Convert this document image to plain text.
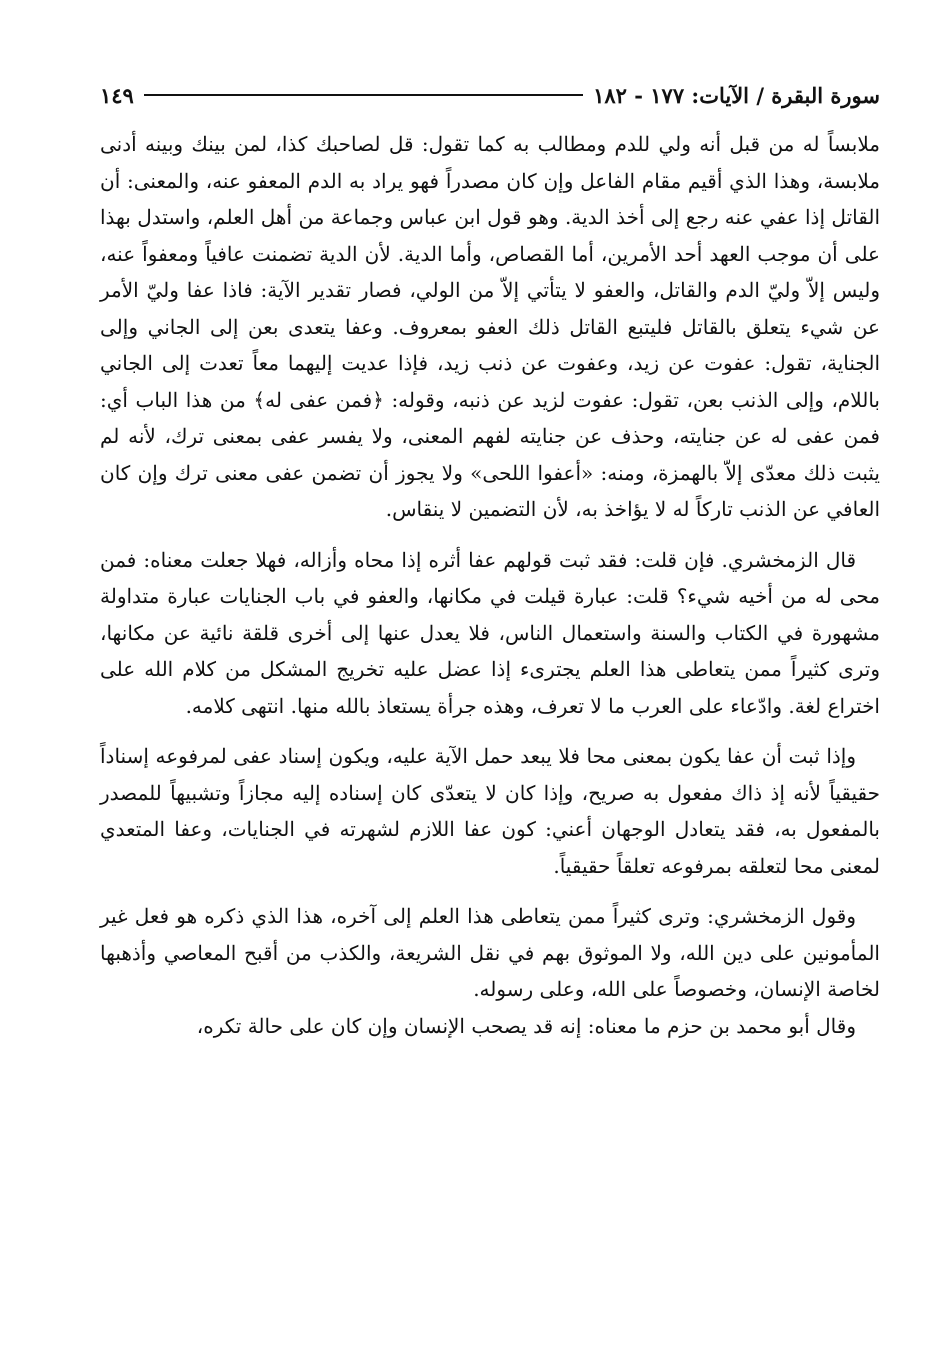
سورة البقرة / الآيات: ١٧٧ - ١٨٢
١٤٩

ملابساً له من قبل أنه ولي للدم ومطالب به كما تقول: قل لصاحبك كذا، لمن بينك وبينه أدنى ملابسة، وهذا الذي أقيم مقام الفاعل وإن كان مصدراً فهو يراد به الدم المعفو عنه، والمعنى: أن القاتل إذا عفي عنه رجع إلى أخذ الدية. وهو قول ابن عباس وجماعة من أهل العلم، واستدل بهذا على أن موجب العهد أحد الأمرين، أما القصاص، وأما الدية. لأن الدية تضمنت عافياً ومعفواً عنه، وليس إلاّ وليّ الدم والقاتل، والعفو لا يتأتي إلاّ من الولي، فصار تقدير الآية: فاذا عفا وليّ الأمر عن شيء يتعلق بالقاتل فليتبع القاتل ذلك العفو بمعروف. وعفا يتعدى بعن إلى الجاني وإلى الجناية، تقول: عفوت عن زيد، وعفوت عن ذنب زيد، فإذا عديت إليهما معاً تعدت إلى الجاني باللام، وإلى الذنب بعن، تقول: عفوت لزيد عن ذنبه، وقوله: ﴿فمن عفى له﴾ من هذا الباب أي: فمن عفى له عن جنايته، وحذف عن جنايته لفهم المعنى، ولا يفسر عفى بمعنى ترك، لأنه لم يثبت ذلك معدّى إلاّ بالهمزة، ومنه: «أعفوا اللحى» ولا يجوز أن تضمن عفى معنى ترك وإن كان العافي عن الذنب تاركاً له لا يؤاخذ به، لأن التضمين لا ينقاس.

قال الزمخشري. فإن قلت: فقد ثبت قولهم عفا أثره إذا محاه وأزاله، فهلا جعلت معناه: فمن محى له من أخيه شيء؟ قلت: عبارة قيلت في مكانها، والعفو في باب الجنايات عبارة متداولة مشهورة في الكتاب والسنة واستعمال الناس، فلا يعدل عنها إلى أخرى قلقة نائية عن مكانها، وترى كثيراً ممن يتعاطى هذا العلم يجترىء إذا عضل عليه تخريج المشكل من كلام الله على اختراع لغة. وادّعاء على العرب ما لا تعرف، وهذه جرأة يستعاذ بالله منها. انتهى كلامه.

وإذا ثبت أن عفا يكون بمعنى محا فلا يبعد حمل الآية عليه، ويكون إسناد عفى لمرفوعه إسناداً حقيقياً لأنه إذ ذاك مفعول به صريح، وإذا كان لا يتعدّى كان إسناده إليه مجازاً وتشبيهاً للمصدر بالمفعول به، فقد يتعادل الوجهان أعني: كون عفا اللازم لشهرته في الجنايات، وعفا المتعدي لمعنى محا لتعلقه بمرفوعه تعلقاً حقيقياً.

وقول الزمخشري: وترى كثيراً ممن يتعاطى هذا العلم إلى آخره، هذا الذي ذكره هو فعل غير المأمونين على دين الله، ولا الموثوق بهم في نقل الشريعة، والكذب من أقبح المعاصي وأذهبها لخاصة الإنسان، وخصوصاً على الله، وعلى رسوله.

وقال أبو محمد بن حزم ما معناه: إنه قد يصحب الإنسان وإن كان على حالة تكره،
